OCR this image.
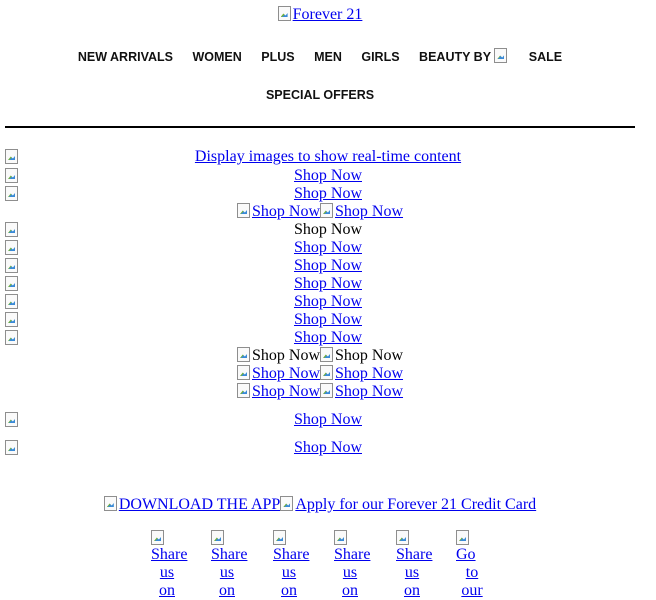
Forever 21
NEW ARRIVALS WOMEN PLUS MEN GIRLS BEAUTY BY	SALE
SPECIAL OFFERS
Display images to show real-time content
Shop Now
Shop Now
Shop Now Shop Now
Shop Now
Shop Now
Shop Now
Shop Now
Shop Now
Shop Now
Shop Now
Shop Now Shop Now
Shop Now Shop Now
Shop Now Shop Now
Shop Now
Shop Now
DOWNLOAD THE APP Apply for our Forever 21 Credit Card
Share
us
on
Share
us
on
Share
us
on
Share
us
on
Share
us
on
Go
to
our
